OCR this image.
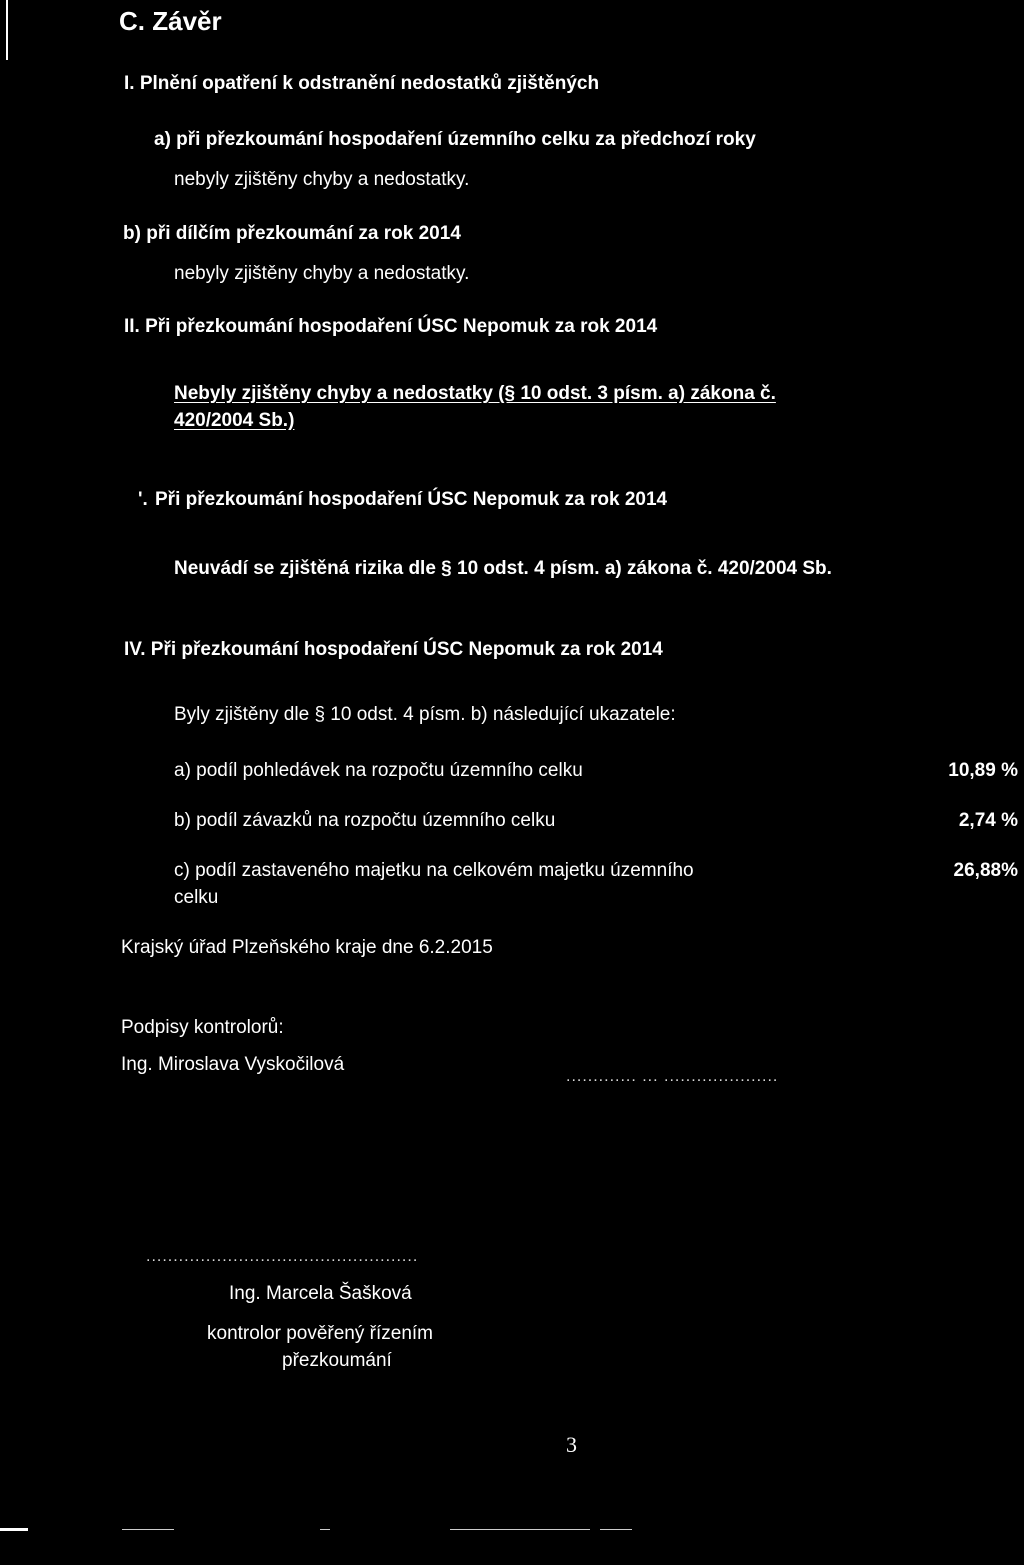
C. Závěr
I. Plnění opatření k odstranění nedostatků zjištěných
a) při přezkoumání hospodaření územního celku za předchozí roky
nebyly zjištěny chyby a nedostatky.
b) při dílčím přezkoumání za rok 2014
nebyly zjištěny chyby a nedostatky.
II. Při přezkoumání hospodaření ÚSC Nepomuk za rok 2014
Nebyly zjištěny chyby a nedostatky (§ 10 odst. 3 písm. a) zákona č.
420/2004 Sb.)
'. Při přezkoumání hospodaření ÚSC Nepomuk za rok 2014
Neuvádí se zjištěná rizika dle § 10 odst. 4 písm. a) zákona č. 420/2004 Sb.
IV. Při přezkoumání hospodaření ÚSC Nepomuk za rok 2014
Byly zjištěny dle § 10 odst. 4 písm. b) následující ukazatele:
a) podíl pohledávek na rozpočtu územního celku	10,89 %
b) podíl závazků na rozpočtu územního celku	2,74 %
c) podíl zastaveného majetku na celkovém majetku územního
celku
26,88%
Krajský úřad Plzeňského kraje dne 6.2.2015
Podpisy kontrolorů:
Ing. Miroslava Vyskočilová
............. ... .....................
..................................................
Ing. Marcela Šašková
kontrolor pověřený řízením
přezkoumání
3
